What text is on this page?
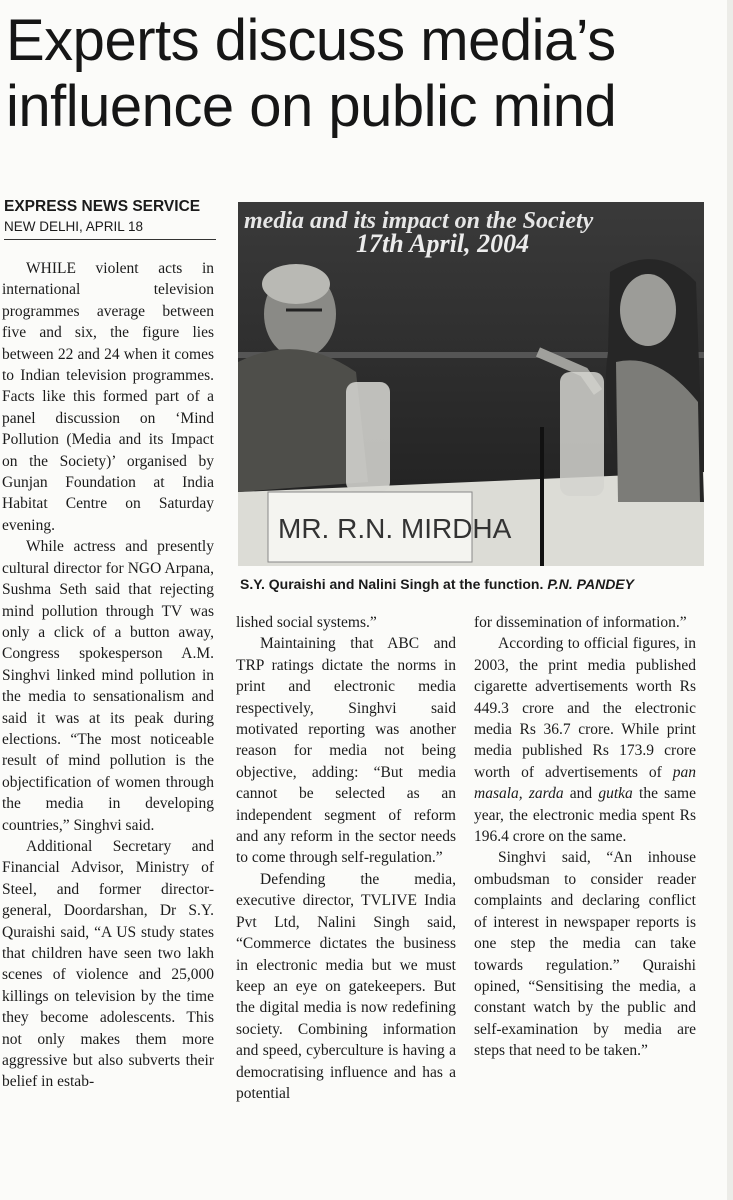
Experts discuss media’s
influence on public mind
EXPRESS NEWS SERVICE
NEW DELHI, APRIL 18

WHILE violent acts in international television programmes average between five and six, the figure lies between 22 and 24 when it comes to Indian television programmes. Facts like this formed part of a panel discussion on ‘Mind Pollution (Media and its Impact on the Society)’ organised by Gunjan Foundation at India Habitat Centre on Saturday evening.

While actress and presently cultural director for NGO Arpana, Sushma Seth said that rejecting mind pollution through TV was only a click of a button away, Congress spokesperson A.M. Singhvi linked mind pollution in the media to sensationalism and said it was at its peak during elections. “The most noticeable result of mind pollution is the objectification of women through the media in developing countries,” Singhvi said.

Additional Secretary and Financial Advisor, Ministry of Steel, and former director-general, Doordarshan, Dr S.Y. Quraishi said, “A US study states that children have seen two lakh scenes of violence and 25,000 killings on television by the time they become adolescents. This not only makes them more aggressive but also subverts their belief in estab-

media and its impact on the Society
17th April, 2004
MR. R.N. MIRDHA
S.Y. Quraishi and Nalini Singh at the function. P.N. PANDEY

lished social systems.”

Maintaining that ABC and TRP ratings dictate the norms in print and electronic media respectively, Singhvi said motivated reporting was another reason for media not being objective, adding: “But media cannot be selected as an independent segment of reform and any reform in the sector needs to come through self-regulation.”

Defending the media, executive director, TVLIVE India Pvt Ltd, Nalini Singh said, “Commerce dictates the business in electronic media but we must keep an eye on gatekeepers. But the digital media is now redefining society. Combining information and speed, cyberculture is having a democratising influence and has a potential

for dissemination of information.”

According to official figures, in 2003, the print media published cigarette advertisements worth Rs 449.3 crore and the electronic media Rs 36.7 crore. While print media published Rs 173.9 crore worth of advertisements of pan masala, zarda and gutka the same year, the electronic media spent Rs 196.4 crore on the same.

Singhvi said, “An inhouse ombudsman to consider reader complaints and declaring conflict of interest in newspaper reports is one step the media can take towards regulation.” Quraishi opined, “Sensitising the media, a constant watch by the public and self-examination by media are steps that need to be taken.”
